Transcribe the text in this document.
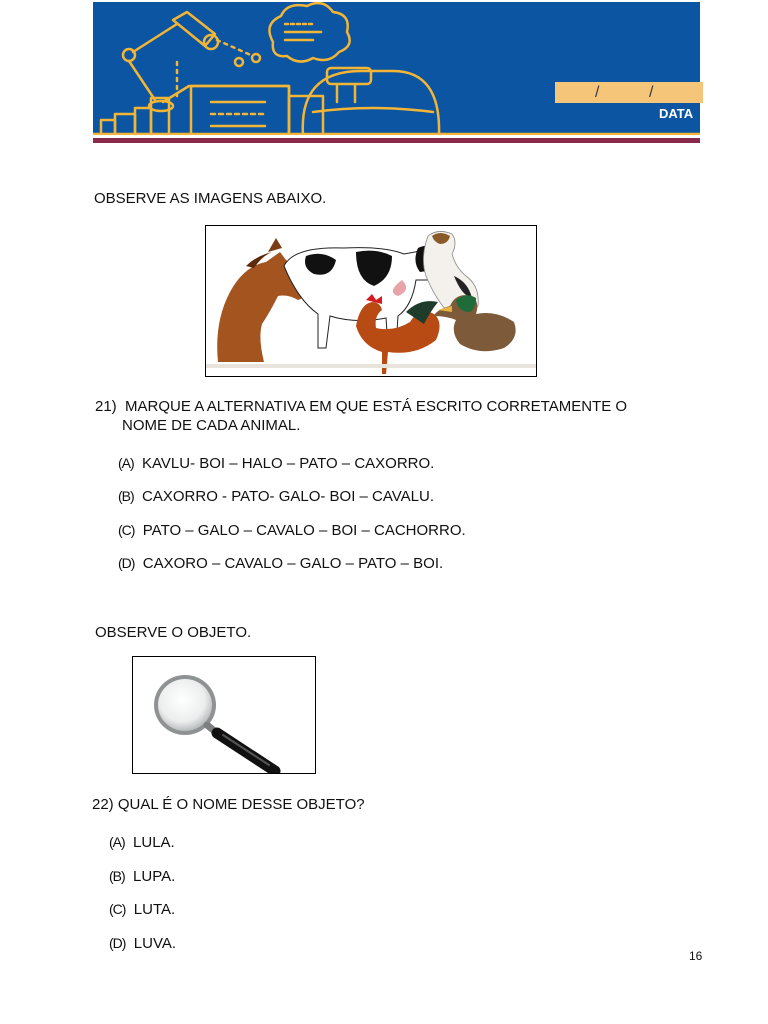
/	/
DATA
OBSERVE AS IMAGENS ABAIXO.
21) MARQUE A ALTERNATIVA EM QUE ESTÁ ESCRITO CORRETAMENTE O
NOME DE CADA ANIMAL.
(A) KAVLU- BOI – HALO – PATO – CAXORRO.
(B) CAXORRO - PATO- GALO- BOI – CAVALU.
(C) PATO – GALO – CAVALO – BOI – CACHORRO.
(D) CAXORO – CAVALO – GALO – PATO – BOI.
OBSERVE O OBJETO.
22) QUAL É O NOME DESSE OBJETO?
(A) LULA.
(B) LUPA.
(C) LUTA.
(D) LUVA.
16
